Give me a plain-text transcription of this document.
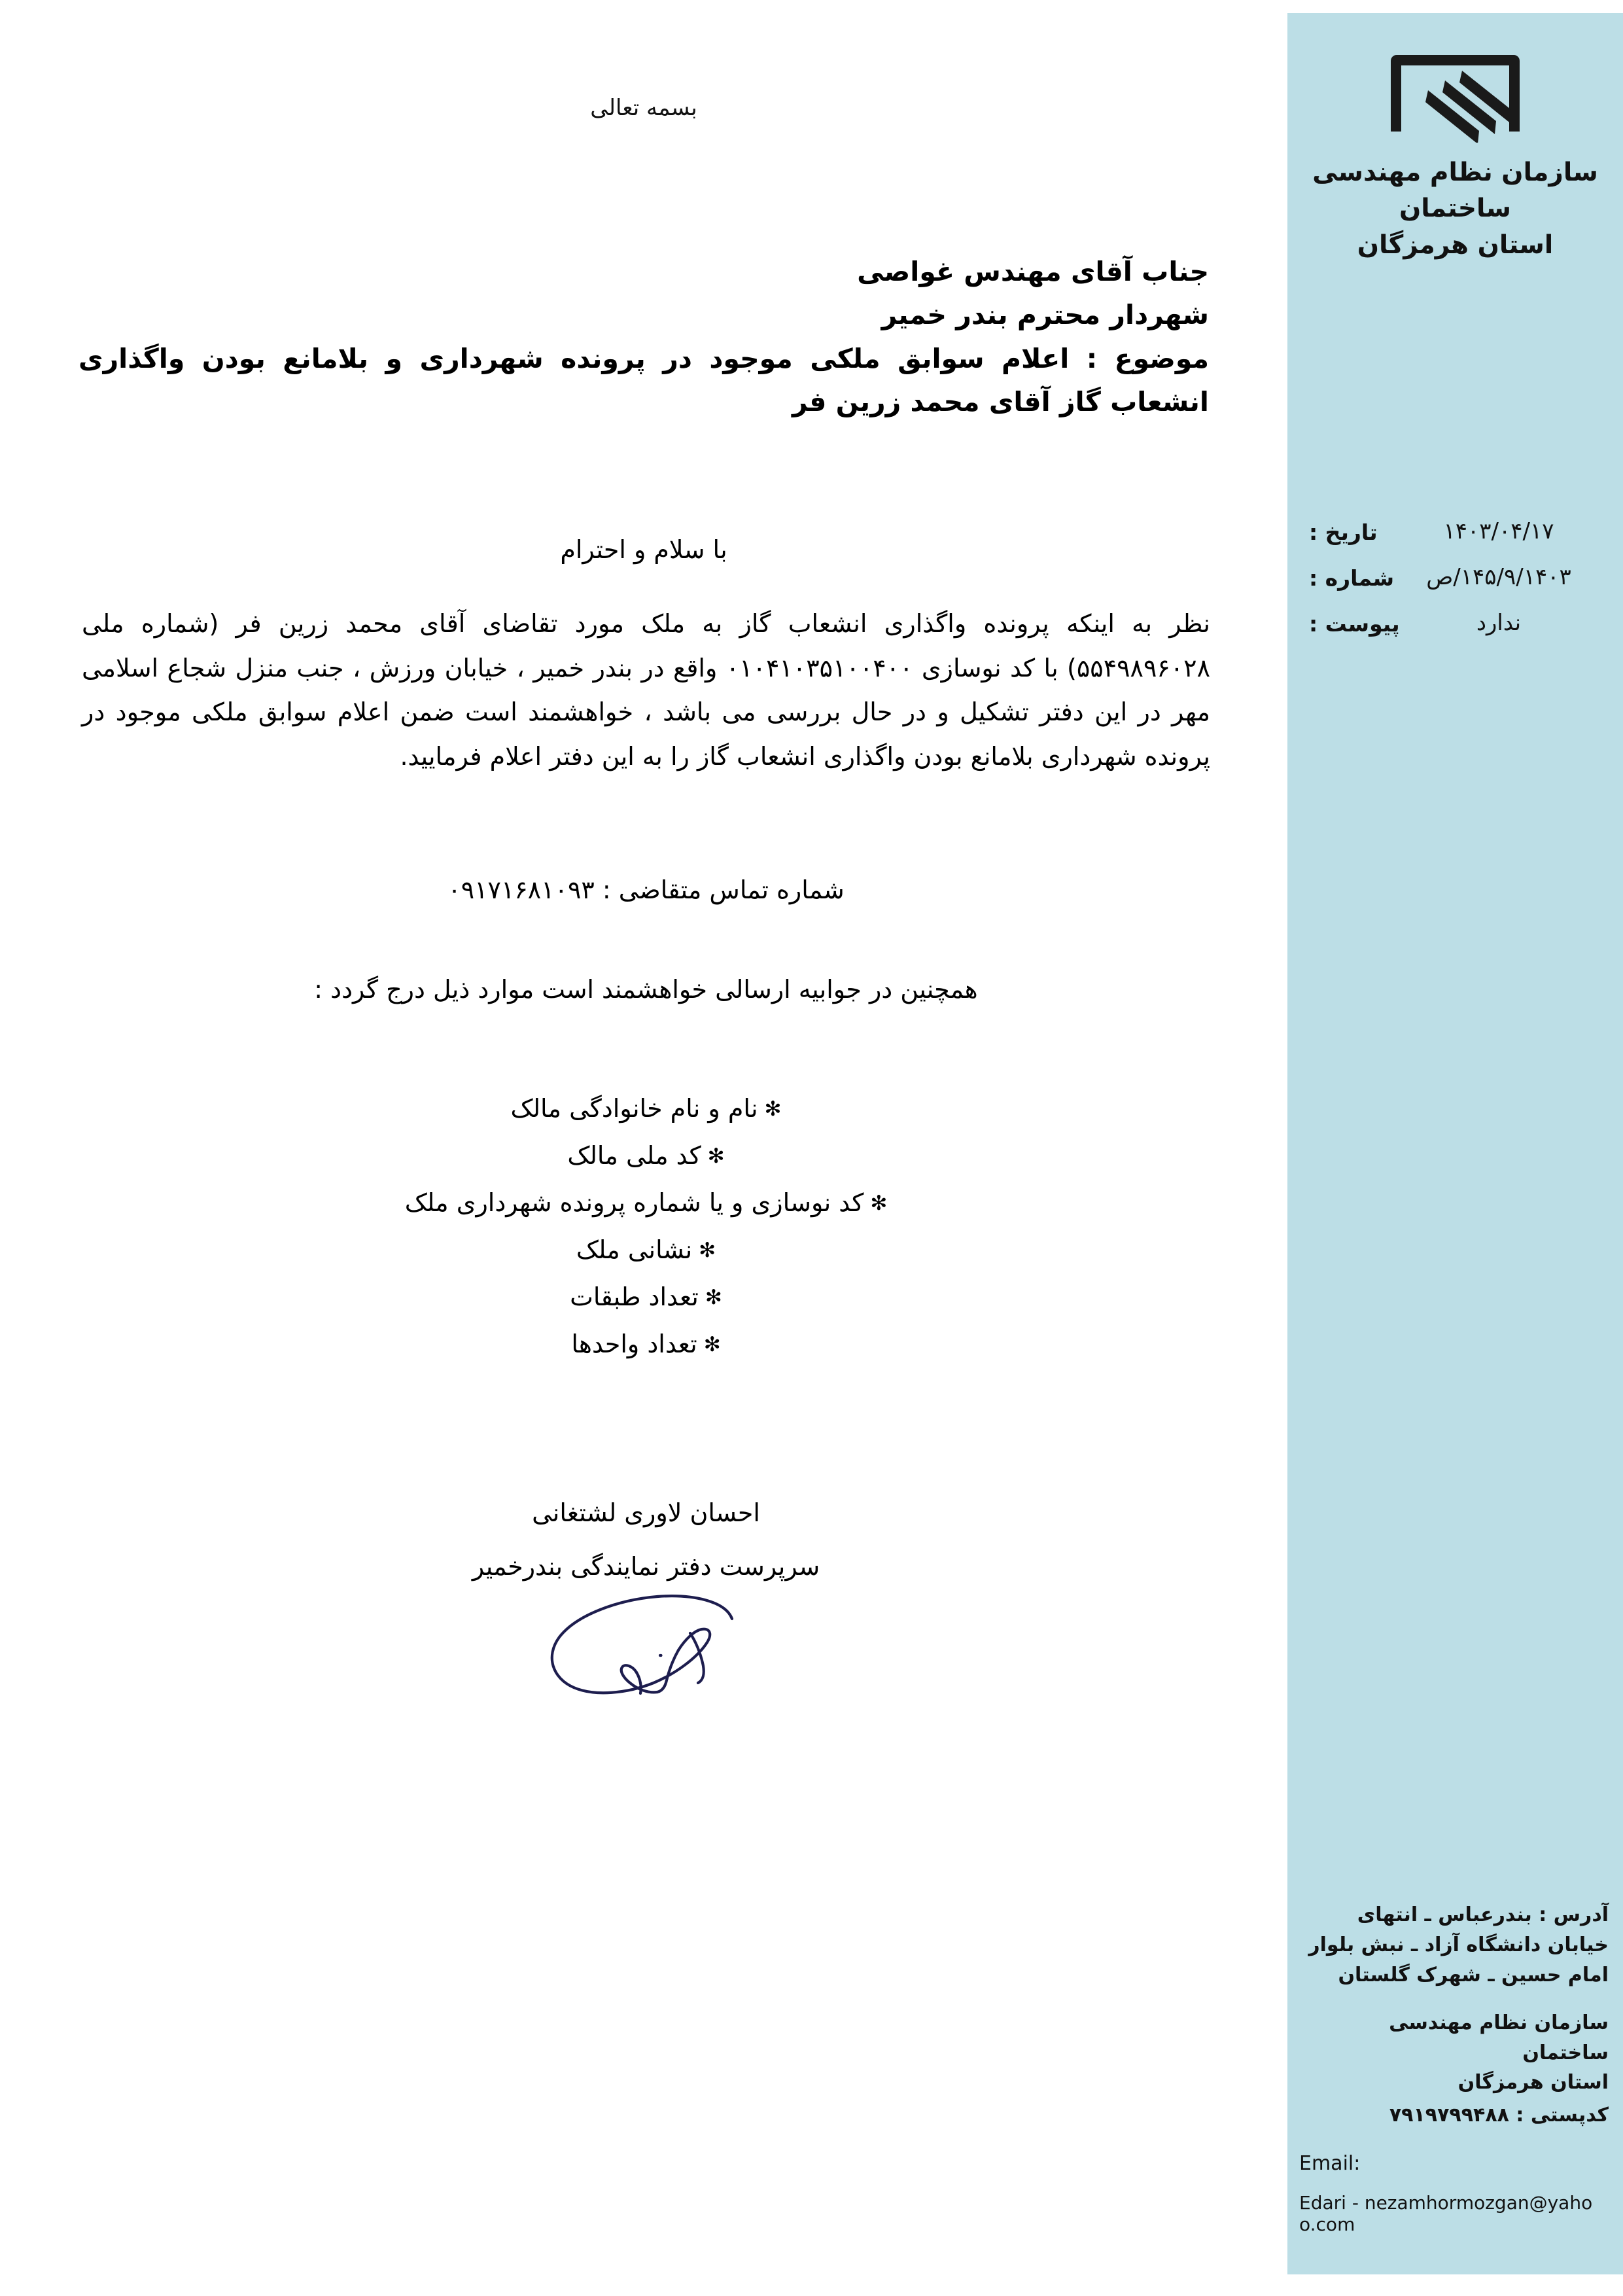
بسمه تعالی
جناب آقای مهندس غواصی
شهردار محترم بندر خمیر
موضوع : اعلام سوابق ملکی موجود در پرونده شهرداری و بلامانع بودن واگذاری انشعاب گاز آقای محمد زرین فر
با سلام و احترام
نظر به اینکه پرونده واگذاری انشعاب گاز به ملک مورد تقاضای آقای محمد زرین فر (شماره ملی ۵۵۴۹۸۹۶۰۲۸) با کد نوسازی ۰۱۰۴۱۰۳۵۱۰۰۴۰۰ واقع در بندر خمیر ، خیابان ورزش ، جنب منزل شجاع اسلامی مهر در این دفتر تشکیل و در حال بررسی می باشد ، خواهشمند است ضمن اعلام سوابق ملکی موجود در پرونده شهرداری بلامانع بودن واگذاری انشعاب گاز را به این دفتر اعلام فرمایید.
شماره تماس متقاضی : ۰۹۱۷۱۶۸۱۰۹۳
همچنین در جوابیه ارسالی خواهشمند است موارد ذیل درج گردد :
✻نام و نام خانوادگی مالک
✻کد ملی مالک
✻کد نوسازی و یا شماره پرونده شهرداری ملک
✻نشانی ملک
✻تعداد طبقات
✻تعداد واحدها
احسان لاوری لشتغانی
سرپرست دفتر نمایندگی بندرخمیر
سازمان نظام مهندسی ساختمان
استان هرمزگان
۱۴۰۳/۰۴/۱۷
تاریخ :
۱۴۵/۹/۱۴۰۳/ص
شماره :
ندارد
پیوست :
آدرس : بندرعباس ـ انتهای خیابان دانشگاه آزاد ـ نبش بلوار امام حسین ـ شهرک گلستان
سازمان نظام مهندسی ساختمان
استان هرمزگان
کدپستی : ۷۹۱۹۷۹۹۴۸۸
Email:
Edari - nezamhormozgan@yahoo.com
